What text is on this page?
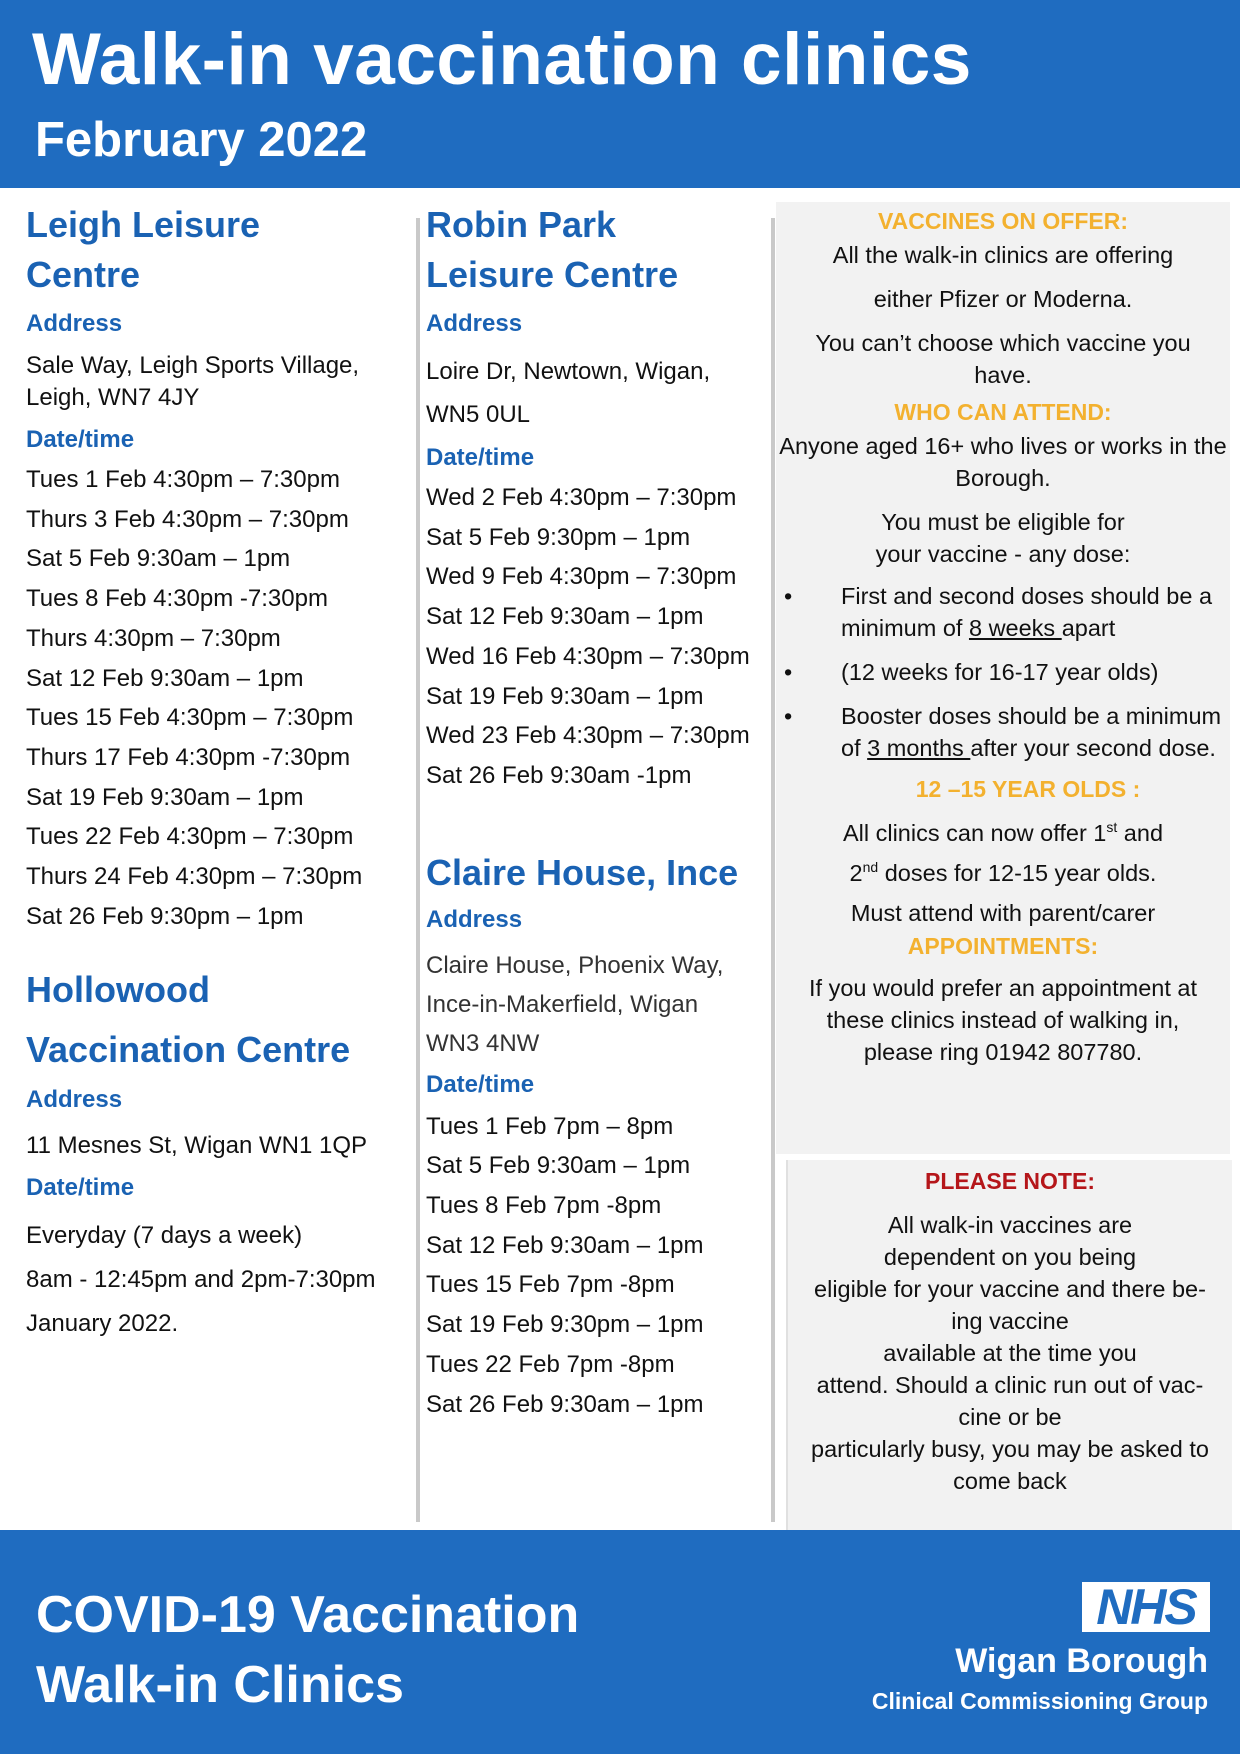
Walk-in vaccination clinics
February 2022

Leigh Leisure

Centre

Address

Sale Way, Leigh Sports Village, Leigh, WN7 4JY

Date/time

Tues 1 Feb 4:30pm – 7:30pm

Thurs 3 Feb 4:30pm – 7:30pm

Sat 5 Feb 9:30am – 1pm

Tues 8 Feb 4:30pm -7:30pm

Thurs 4:30pm – 7:30pm

Sat 12 Feb 9:30am – 1pm

Tues 15 Feb 4:30pm – 7:30pm

Thurs 17 Feb 4:30pm -7:30pm

Sat 19 Feb 9:30am – 1pm

Tues 22 Feb 4:30pm – 7:30pm

Thurs 24 Feb 4:30pm – 7:30pm

Sat 26 Feb 9:30pm – 1pm

Hollowood

Vaccination Centre

Address

11 Mesnes St, Wigan WN1 1QP

Date/time

Everyday (7 days a week)

8am - 12:45pm and 2pm-7:30pm

January 2022.

Robin Park

Leisure Centre

Address

Loire Dr, Newtown, Wigan,

WN5 0UL

Date/time

Wed 2 Feb 4:30pm – 7:30pm

Sat 5 Feb 9:30pm – 1pm

Wed 9 Feb 4:30pm – 7:30pm

Sat 12 Feb 9:30am – 1pm

Wed 16 Feb 4:30pm – 7:30pm

Sat 19 Feb 9:30am – 1pm

Wed 23 Feb 4:30pm – 7:30pm

Sat 26 Feb 9:30am -1pm

Claire House, Ince

Address

Claire House, Phoenix Way,

Ince-in-Makerfield, Wigan

WN3 4NW

Date/time

Tues 1 Feb 7pm – 8pm

Sat 5 Feb 9:30am – 1pm

Tues 8 Feb 7pm -8pm

Sat 12 Feb 9:30am – 1pm

Tues 15 Feb 7pm -8pm

Sat 19 Feb 9:30pm – 1pm

Tues 22 Feb 7pm -8pm

Sat 26 Feb 9:30am – 1pm

VACCINES ON OFFER:

All the walk-in clinics are offering

either Pfizer or Moderna.

You can’t choose which vaccine you have.

WHO CAN ATTEND:

Anyone aged 16+ who lives or works in the Borough.

You must be eligible for your vaccine - any dose:

• First and second doses should be a minimum of 8 weeks apart
• (12 weeks for 16-17 year olds)
• Booster doses should be a minimum of 3 months after your second dose.

12 –15 YEAR OLDS :

All clinics can now offer 1st and

2nd doses for 12-15 year olds.

Must attend with parent/carer

APPOINTMENTS:

If you would prefer an appointment at these clinics instead of walking in, please ring 01942 807780.

PLEASE NOTE:

All walk-in vaccines are

dependent on you being

eligible for your vaccine and there be-

ing vaccine

available at the time you

attend. Should a clinic run out of vac-

cine or be

particularly busy, you may be asked to

come back

COVID-19 Vaccination
Walk-in Clinics
NHS
Wigan Borough
Clinical Commissioning Group
